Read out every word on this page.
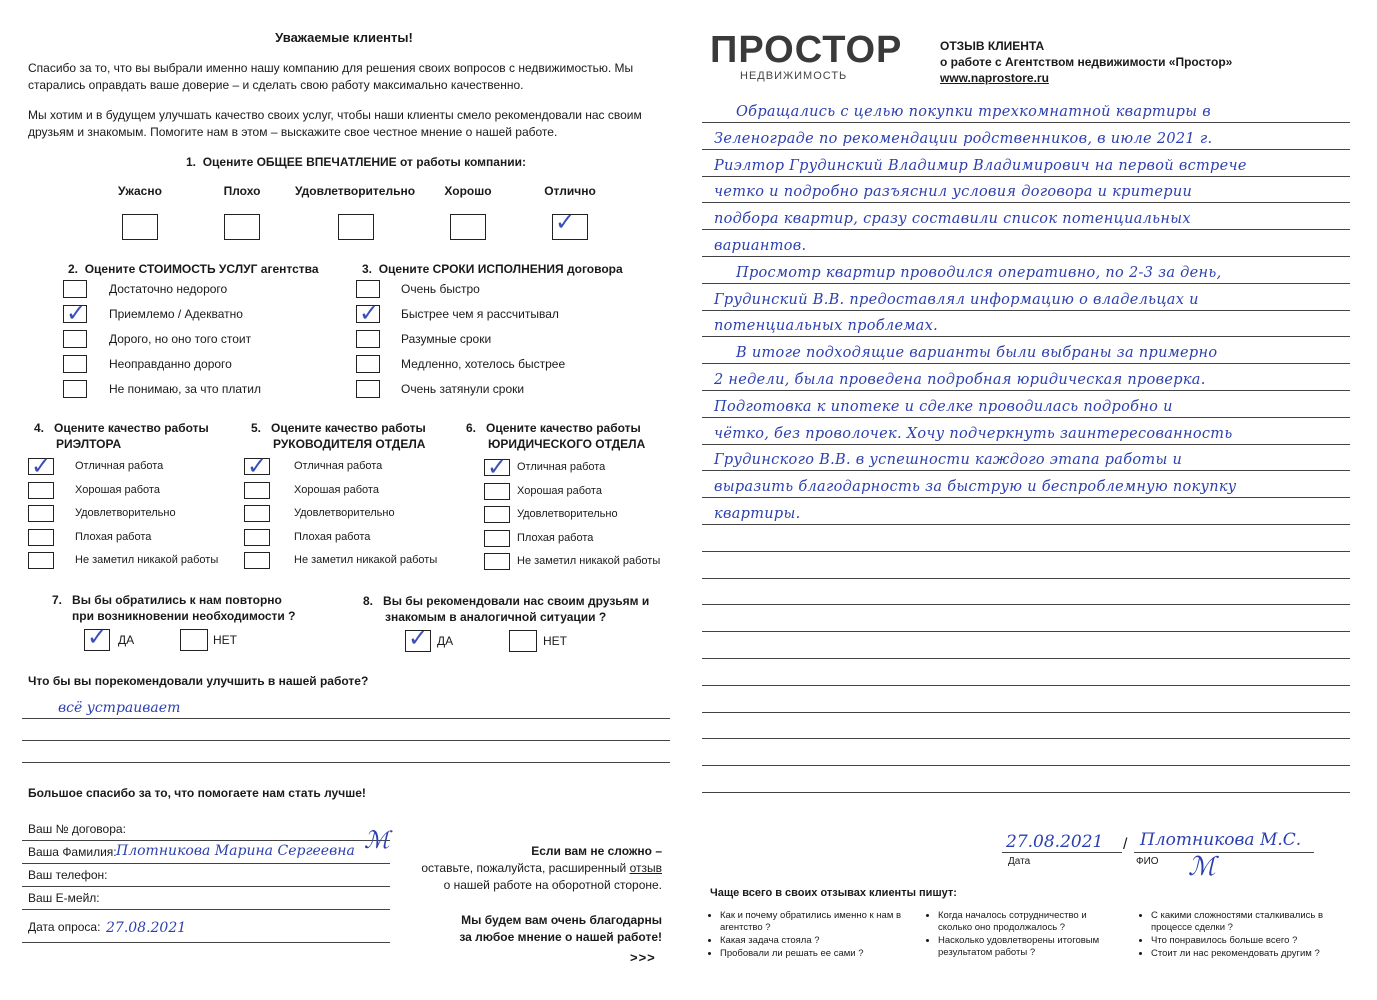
Уважаемые клиенты!
Спасибо за то, что вы выбрали именно нашу компанию для решения своих вопросов с недвижимостью. Мы старались оправдать ваше доверие – и сделать свою работу максимально качественно.
Мы хотим и в будущем улучшать качество своих услуг, чтобы наши клиенты смело рекомендовали нас своим друзьям и знакомым. Помогите нам в этом – выскажите свое честное мнение о нашей работе.
1. Оцените ОБЩЕЕ ВПЕЧАТЛЕНИЕ от работы компании:
Ужасно	Плохо	Удовлетворительно	Хорошо	Отлично
✓
2. Оцените СТОИМОСТЬ УСЛУГ агентства
Достаточно недорого
✓
Приемлемо / Адекватно
Дорого, но оно того стоит
Неоправданно дорого
Не понимаю, за что платил
3. Оцените СРОКИ ИСПОЛНЕНИЯ договора
Очень быстро
✓
Быстрее чем я рассчитывал
Разумные сроки
Медленно, хотелось быстрее
Очень затянули сроки
4. Оцените качество работы
РИЭЛТОРА
✓
Отличная работа
Хорошая работа
Удовлетворительно
Плохая работа
Не заметил никакой работы
5. Оцените качество работы
РУКОВОДИТЕЛЯ ОТДЕЛА
✓
Отличная работа
Хорошая работа
Удовлетворительно
Плохая работа
Не заметил никакой работы
6. Оцените качество работы
ЮРИДИЧЕСКОГО ОТДЕЛА
✓
Отличная работа
Хорошая работа
Удовлетворительно
Плохая работа
Не заметил никакой работы
7. Вы бы обратились к нам повторно
при возникновении необходимости ?
✓
ДА	НЕТ
8. Вы бы рекомендовали нас своим друзьям и
знакомым в аналогичной ситуации ?
✓
ДА	НЕТ
Что бы вы порекомендовали улучшить в нашей работе?
всё устраивает
Большое спасибо за то, что помогаете нам стать лучше!
Ваш № договора:
Ваша Фамилия: Плотникова Марина Сергеевна ℳ
Ваш телефон:
Ваш Е-мейл:
Дата опроса: 27.08.2021
Если вам не сложно –
оставьте, пожалуйста, расширенный отзыв
о нашей работе на оборотной стороне.
Мы будем вам очень благодарны
за любое мнение о нашей работе!
>>>
ПРОСТОР
НЕДВИЖИМОСТЬ
ОТЗЫВ КЛИЕНТА
о работе с Агентством недвижимости «Простор»
www.naprostore.ru
Обращались с целью покупки трехкомнатной квартиры в
Зеленограде по рекомендации родственников, в июле 2021 г.
Риэлтор Грудинский Владимир Владимирович на первой встрече
четко и подробно разъяснил условия договора и критерии
подбора квартир, сразу составили список потенциальных
вариантов.
Просмотр квартир проводился оперативно, по 2-3 за день,
Грудинский В.В. предоставлял информацию о владельцах и
потенциальных проблемах.
В итоге подходящие варианты были выбраны за примерно
2 недели, была проведена подробная юридическая проверка.
Подготовка к ипотеке и сделке проводилась подробно и
чётко, без проволочек. Хочу подчеркнуть заинтересованность
Грудинского В.В. в успешности каждого этапа работы и
выразить благодарность за быструю и беспроблемную покупку
квартиры.
27.08.2021 / Плотникова М.С.
Дата	ФИО ℳ
Чаще всего в своих отзывах клиенты пишут:
• Как и почему обратились именно к нам в агентство ?
• Какая задача стояла ?
• Пробовали ли решать ее сами ?
• Когда началось сотрудничество и сколько оно продолжалось ?
• Насколько удовлетворены итоговым результатом работы ?
• С какими сложностями сталкивались в процессе сделки ?
• Что понравилось больше всего ?
• Стоит ли нас рекомендовать другим ?
